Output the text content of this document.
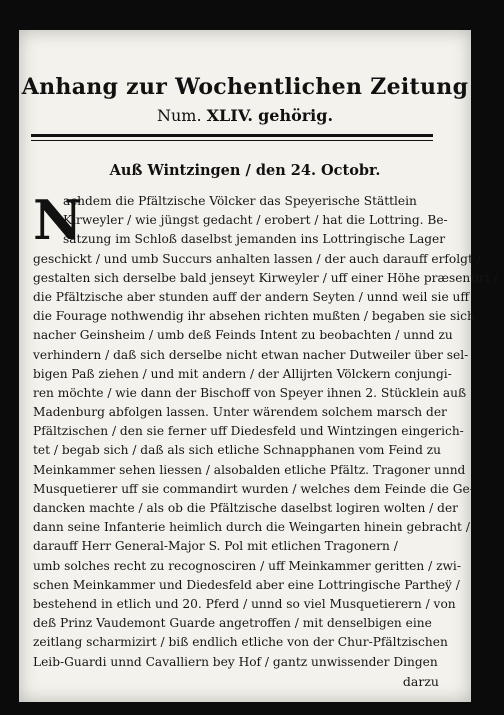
Anhang zur Wochentlichen Zeitung
Num. XLIV. gehörig.
Auß Wintzingen / den 24. Octobr.
N
achdem die Pfältzische Völcker das Speyerische Stättlein
Kirweyler / wie jüngst gedacht / erobert / hat die Lottring. Be-
satzung im Schloß daselbst jemanden ins Lottringische Lager
geschickt / und umb Succurs anhalten lassen / der auch darauff erfolgt /
gestalten sich derselbe bald jenseyt Kirweyler / uff einer Höhe præsentirt /
die Pfältzische aber stunden auff der andern Seyten / unnd weil sie uff
die Fourage nothwendig ihr absehen richten mußten / begaben sie sich
nacher Geinsheim / umb deß Feinds Intent zu beobachten / unnd zu
verhindern / daß sich derselbe nicht etwan nacher Dutweiler über sel-
bigen Paß ziehen / und mit andern / der Allijrten Völckern conjungi-
ren möchte / wie dann der Bischoff von Speyer ihnen 2. Stücklein auß
Madenburg abfolgen lassen. Unter wärendem solchem marsch der
Pfältzischen / den sie ferner uff Diedesfeld und Wintzingen eingerich-
tet / begab sich / daß als sich etliche Schnapphanen vom Feind zu
Meinkammer sehen liessen / alsobalden etliche Pfältz. Tragoner unnd
Musquetierer uff sie commandirt wurden / welches dem Feinde die Ge-
dancken machte / als ob die Pfältzische daselbst logiren wolten / der
dann seine Infanterie heimlich durch die Weingarten hinein gebracht /
darauff Herr General-Major S. Pol mit etlichen Tragonern /
umb solches recht zu recognosciren / uff Meinkammer geritten / zwi-
schen Meinkammer und Diedesfeld aber eine Lottringische Partheÿ /
bestehend in etlich und 20. Pferd / unnd so viel Musquetierern / von
deß Prinz Vaudemont Guarde angetroffen / mit denselbigen eine
zeitlang scharmizirt / biß endlich etliche von der Chur-Pfältzischen
Leib-Guardi unnd Cavalliern bey Hof / gantz unwissender Dingen
darzu
